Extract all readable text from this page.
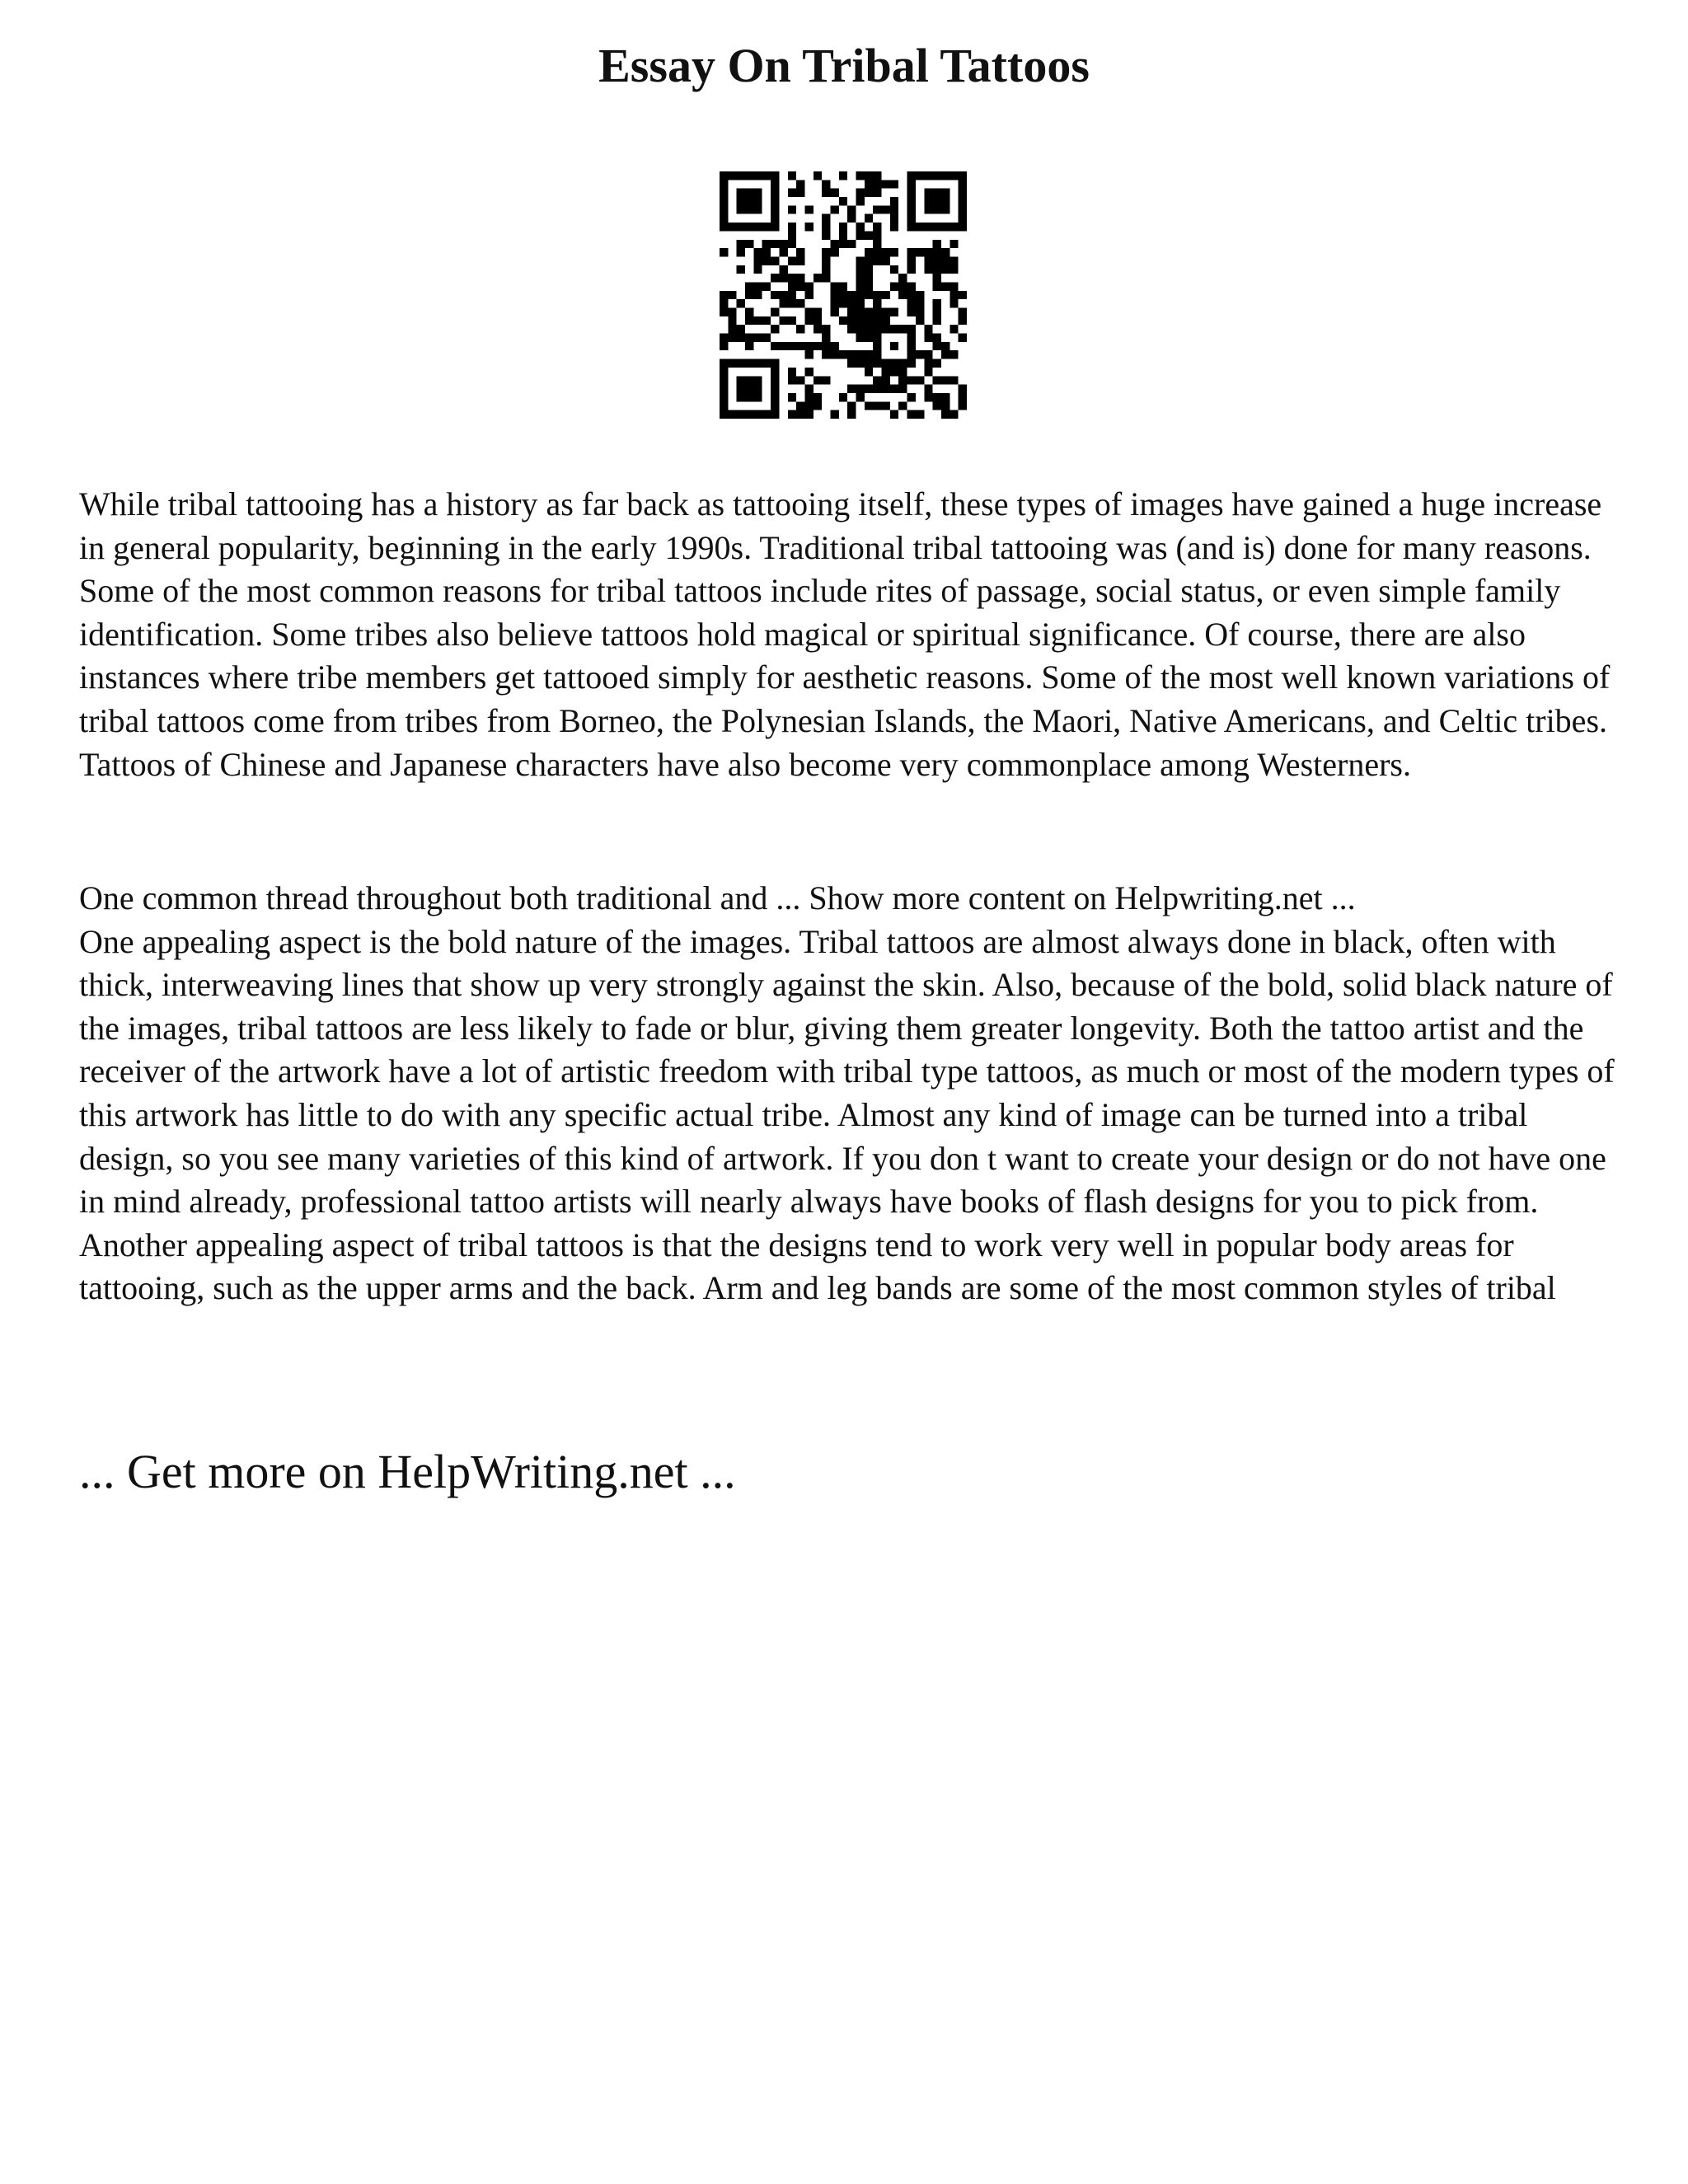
Essay On Tribal Tattoos

While tribal tattooing has a history as far back as tattooing itself, these types of images have gained a huge increase in general popularity, beginning in the early 1990s. Traditional tribal tattooing was (and is) done for many reasons. Some of the most common reasons for tribal tattoos include rites of passage, social status, or even simple family identification. Some tribes also believe tattoos hold magical or spiritual significance. Of course, there are also instances where tribe members get tattooed simply for aesthetic reasons. Some of the most well known variations of tribal tattoos come from tribes from Borneo, the Polynesian Islands, the Maori, Native Americans, and Celtic tribes. Tattoos of Chinese and Japanese characters have also become very commonplace among Westerners.

One common thread throughout both traditional and ... Show more content on Helpwriting.net ...
One appealing aspect is the bold nature of the images. Tribal tattoos are almost always done in black, often with thick, interweaving lines that show up very strongly against the skin. Also, because of the bold, solid black nature of the images, tribal tattoos are less likely to fade or blur, giving them greater longevity. Both the tattoo artist and the receiver of the artwork have a lot of artistic freedom with tribal type tattoos, as much or most of the modern types of this artwork has little to do with any specific actual tribe. Almost any kind of image can be turned into a tribal design, so you see many varieties of this kind of artwork. If you don t want to create your design or do not have one in mind already, professional tattoo artists will nearly always have books of flash designs for you to pick from. Another appealing aspect of tribal tattoos is that the designs tend to work very well in popular body areas for tattooing, such as the upper arms and the back. Arm and leg bands are some of the most common styles of tribal
... Get more on HelpWriting.net ...
